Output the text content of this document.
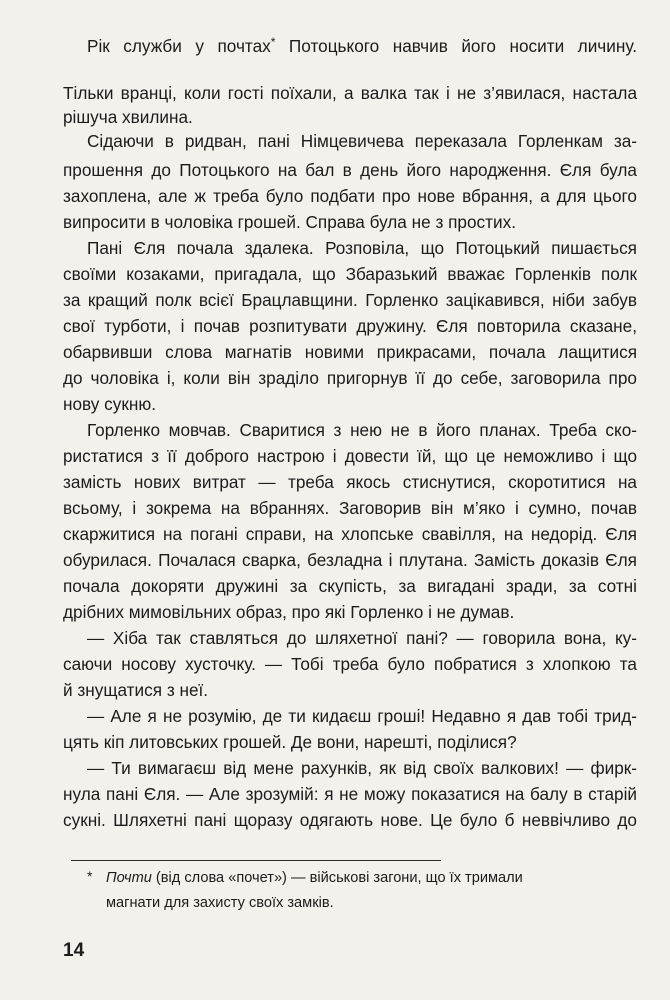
Рік служби у почтах* Потоцького навчив його носити личину.
Тільки вранці, коли гості поїхали, а валка так і не з’явилася, настала
рішуча хвилина.
Сідаючи в ридван, пані Німцевичева переказала Горленкам за-
прошення до Потоцького на бал в день його народження. Єля була
захоплена, але ж треба було подбати про нове вбрання, а для цього
випросити в чоловіка грошей. Справа була не з простих.
Пані Єля почала здалека. Розповіла, що Потоцький пишається
своїми козаками, пригадала, що Збаразький вважає Горленків полк
за кращий полк всієї Брацлавщини. Горленко зацікавився, ніби забув
свої турботи, і почав розпитувати дружину. Єля повторила сказане,
обарвивши слова магнатів новими прикрасами, почала лащитися
до чоловіка і, коли він зраділо пригорнув її до себе, заговорила про
нову сукню.
Горленко мовчав. Сваритися з нею не в його планах. Треба ско-
ристатися з її доброго настрою і довести їй, що це неможливо і що
замість нових витрат — треба якось стиснутися, скоротитися на
всьому, і зокрема на вбраннях. Заговорив він м’яко і сумно, почав
скаржитися на погані справи, на хлопське свавілля, на недорід. Єля
обурилася. Почалася сварка, безладна і плутана. Замість доказів Єля
почала докоряти дружині за скупість, за вигадані зради, за сотні
дрібних мимовільних образ, про які Горленко і не думав.
— Хіба так ставляться до шляхетної пані? — говорила вона, ку-
саючи носову хусточку. — Тобі треба було побратися з хлопкою та
й знущатися з неї.
— Але я не розумію, де ти кидаєш гроші! Недавно я дав тобі трид-
цять кіп литовських грошей. Де вони, нарешті, поділися?
— Ти вимагаєш від мене рахунків, як від своїх валкових! — фирк-
нула пані Єля. — Але зрозумій: я не можу показатися на балу в старій
сукні. Шляхетні пані щоразу одягають нове. Це було б неввічливо до
* Почти (від слова «почет») — військові загони, що їх тримали
магнати для захисту своїх замків.
14
